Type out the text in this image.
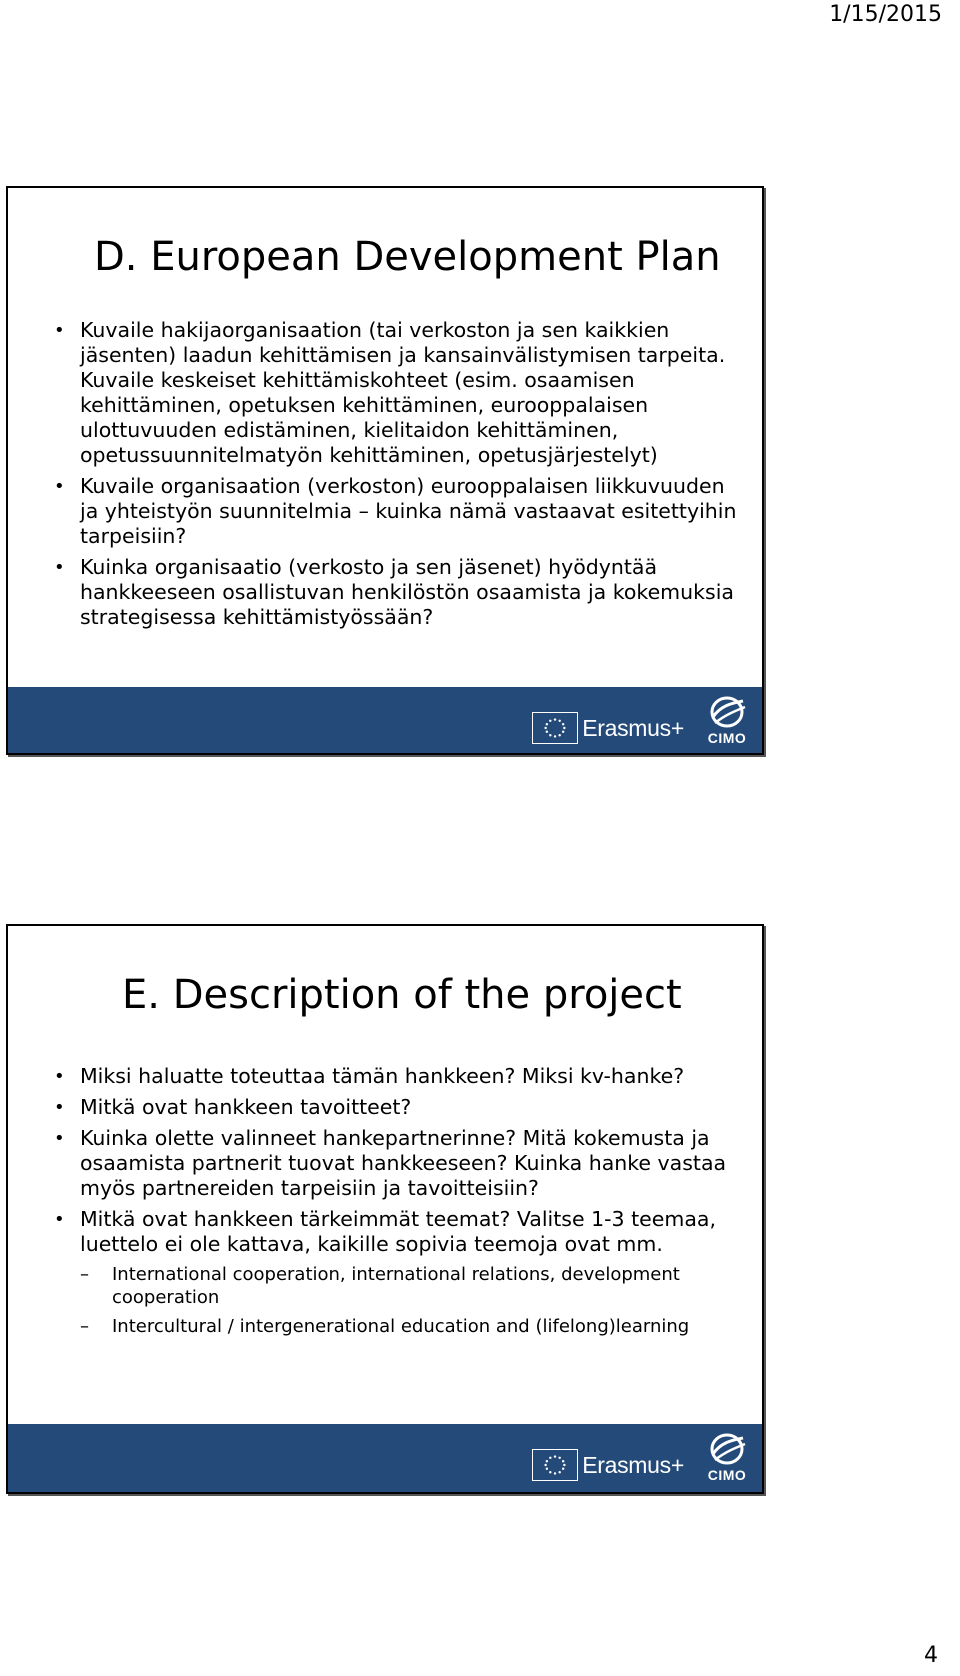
1/15/2015
D. European Development Plan
• Kuvaile hakijaorganisaation (tai verkoston ja sen kaikkien jäsenten) laadun kehittämisen ja kansainvälistymisen tarpeita. Kuvaile keskeiset kehittämiskohteet (esim. osaamisen kehittäminen, opetuksen kehittäminen, eurooppalaisen ulottuvuuden edistäminen, kielitaidon kehittäminen, opetussuunnitelmatyön kehittäminen, opetusjärjestelyt)
• Kuvaile organisaation (verkoston) eurooppalaisen liikkuvuuden ja yhteistyön suunnitelmia – kuinka nämä vastaavat esitettyihin tarpeisiin?
• Kuinka organisaatio (verkosto ja sen jäsenet) hyödyntää hankkeeseen osallistuvan henkilöstön osaamista ja kokemuksia strategisessa kehittämistyössään?
Erasmus+	CIMO
E. Description of the project
• Miksi haluatte toteuttaa tämän hankkeen? Miksi kv-hanke?
• Mitkä ovat hankkeen tavoitteet?
• Kuinka olette valinneet hankepartnerinne? Mitä kokemusta ja osaamista partnerit tuovat hankkeeseen? Kuinka hanke vastaa myös partnereiden tarpeisiin ja tavoitteisiin?
• Mitkä ovat hankkeen tärkeimmät teemat? Valitse 1-3 teemaa, luettelo ei ole kattava, kaikille sopivia teemoja ovat mm.
– International cooperation, international relations, development cooperation
– Intercultural / intergenerational education and (lifelong)learning
Erasmus+	CIMO
4
